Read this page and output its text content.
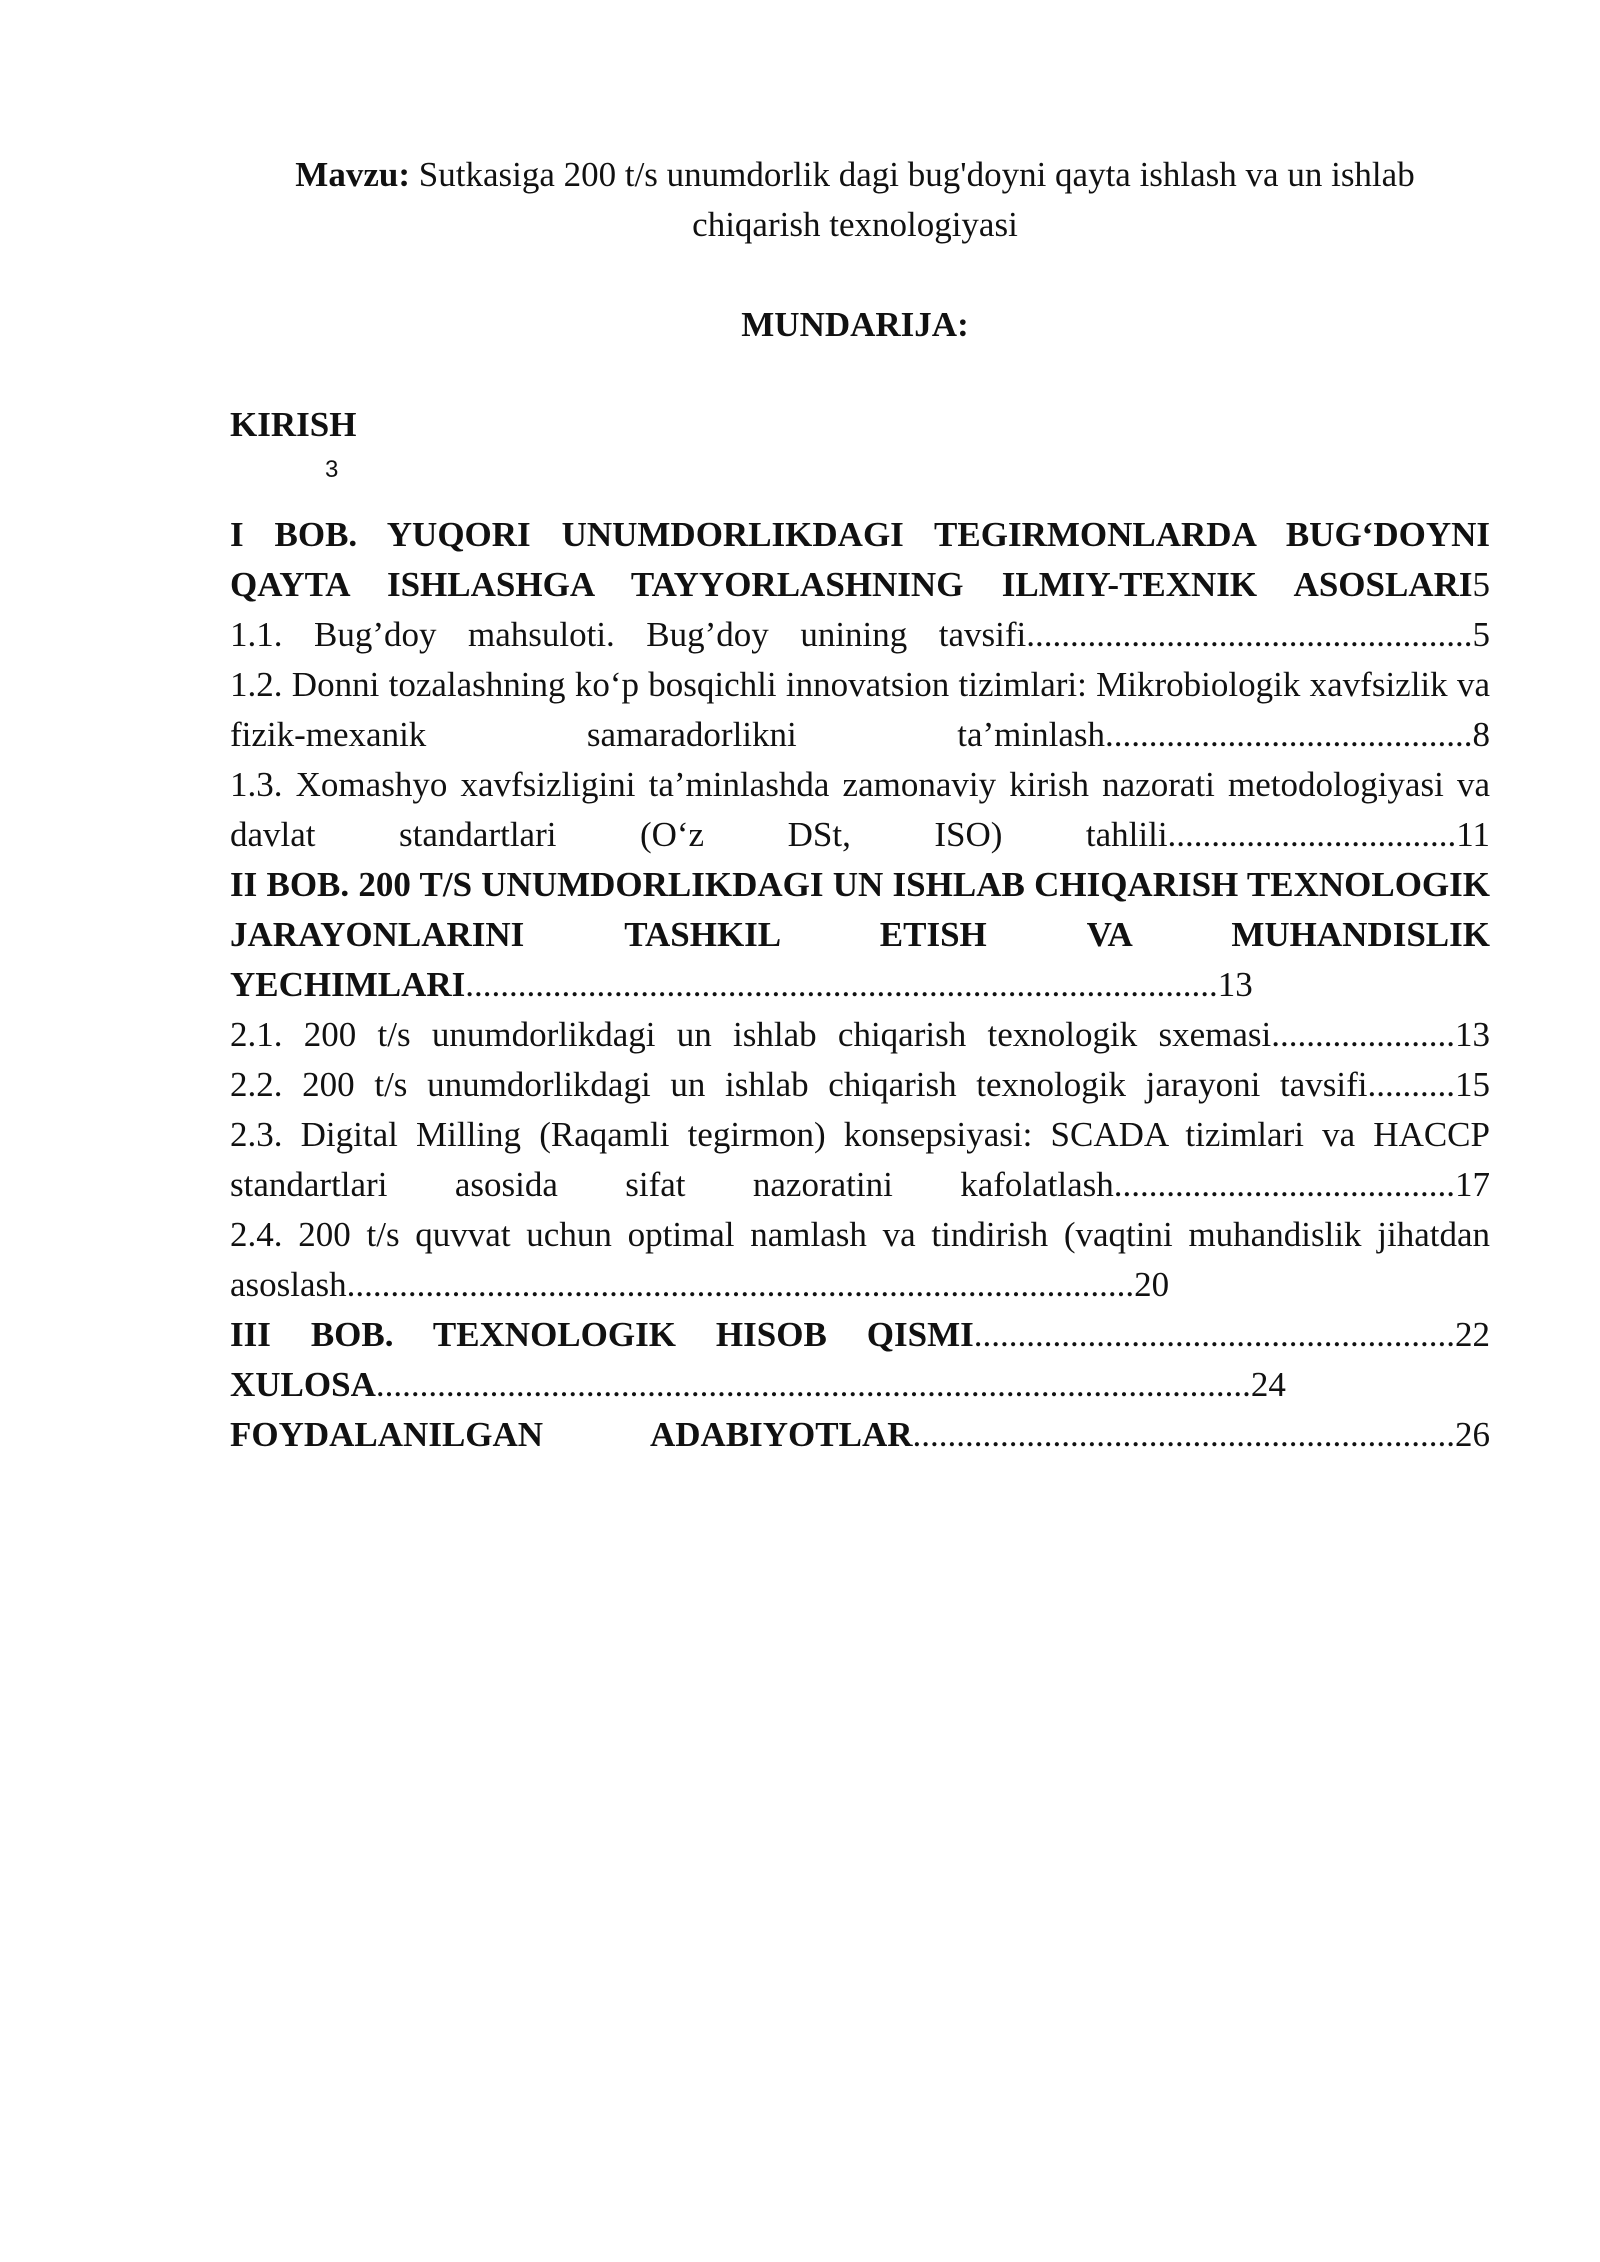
Mavzu: Sutkasiga 200 t/s unumdorlik dagi bug'doyni qayta ishlash va un ishlab chiqarish texnologiyasi
MUNDARIJA:
KIRISH
3
I BOB. YUQORI UNUMDORLIKDAGI TEGIRMONLARDA BUG‘DOYNI QAYTA ISHLASHGA TAYYORLASHNING ILMIY-TEXNIK ASOSLARI5
1.1. Bug’doy mahsuloti. Bug’doy unining tavsifi...................................................5
1.2. Donni tozalashning ko‘p bosqichli innovatsion tizimlari: Mikrobiologik xavfsizlik va fizik-mexanik samaradorlikni ta’minlash..........................................8
1.3. Xomashyo xavfsizligini ta’minlashda zamonaviy kirish nazorati metodologiyasi va davlat standartlari (O‘z DSt, ISO) tahlili.................................11
II BOB. 200 T/S UNUMDORLIKDAGI UN ISHLAB CHIQARISH TEXNOLOGIK JARAYONLARINI TASHKIL ETISH VA MUHANDISLIK YECHIMLARI......................................................................................13
2.1. 200 t/s unumdorlikdagi un ishlab chiqarish texnologik sxemasi.....................13
2.2. 200 t/s unumdorlikdagi un ishlab chiqarish texnologik jarayoni tavsifi..........15
2.3. Digital Milling (Raqamli tegirmon) konsepsiyasi: SCADA tizimlari va HACCP standartlari asosida sifat nazoratini kafolatlash.......................................17
2.4. 200 t/s quvvat uchun optimal namlash va tindirish (vaqtini muhandislik jihatdan asoslash..........................................................................................20
III BOB. TEXNOLOGIK HISOB QISMI.......................................................22
XULOSA....................................................................................................24
FOYDALANILGAN ADABIYOTLAR..............................................................26
